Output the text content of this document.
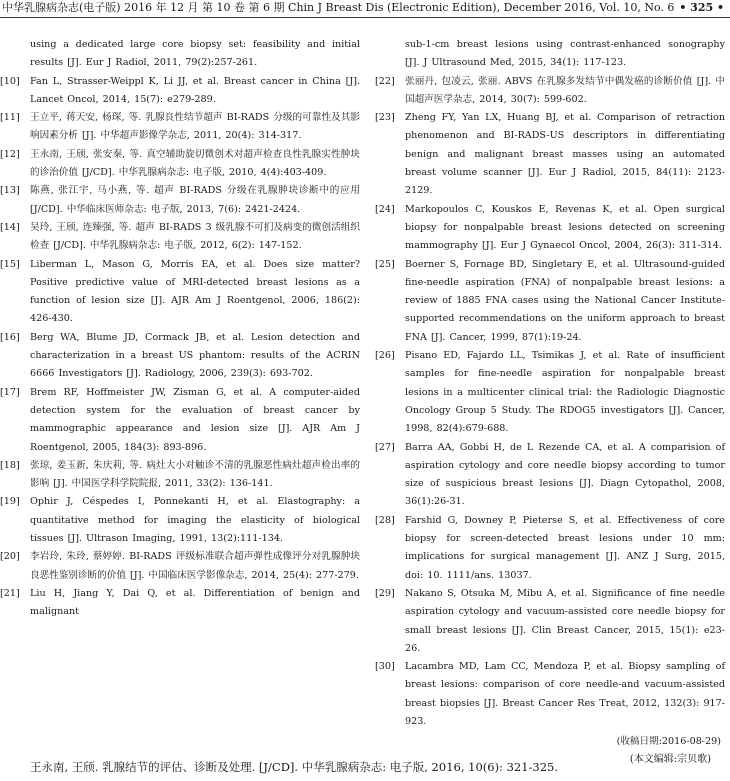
中华乳腺病杂志(电子版) 2016 年 12 月 第 10 卷 第 6 期 Chin J Breast Dis (Electronic Edition), December 2016, Vol. 10, No. 6 • 325 •
using a dedicated large core biopsy set: feasibility and initial results [J]. Eur J Radiol, 2011, 79(2):257-261.
[10] Fan L, Strasser-Weippl K, Li JJ, et al. Breast cancer in China [J]. Lancet Oncol, 2014, 15(7): e279-289.
[11] 王立平, 蒋天安, 杨琛, 等. 乳腺良性结节超声 BI-RADS 分级的可靠性及其影响因素分析 [J]. 中华超声影像学杂志, 2011, 20(4): 314-317.
[12] 王永南, 王颀, 张安秦, 等. 真空辅助旋切微创术对超声检查良性乳腺实性肿块的诊治价值 [J/CD]. 中华乳腺病杂志: 电子版, 2010, 4(4):403-409.
[13] 陈燕, 张江宇, 马小燕, 等. 超声 BI-RADS 分级在乳腺肿块诊断中的应用 [J/CD]. 中华临床医师杂志: 电子版, 2013, 7(6): 2421-2424.
[14] 吴玲, 王颀, 连臻强, 等. 超声 BI-RADS 3 级乳腺不可扪及病变的微创活组织检查 [J/CD]. 中华乳腺病杂志: 电子版, 2012, 6(2): 147-152.
[15] Liberman L, Mason G, Morris EA, et al. Does size matter? Positive predictive value of MRI-detected breast lesions as a function of lesion size [J]. AJR Am J Roentgenol, 2006, 186(2): 426-430.
[16] Berg WA, Blume JD, Cormack JB, et al. Lesion detection and characterization in a breast US phantom: results of the ACRIN 6666 Investigators [J]. Radiology, 2006, 239(3): 693-702.
[17] Brem RF, Hoffmeister JW, Zisman G, et al. A computer-aided detection system for the evaluation of breast cancer by mammographic appearance and lesion size [J]. AJR Am J Roentgenol, 2005, 184(3): 893-896.
[18] 张琼, 姜玉新, 朱庆莉, 等. 病灶大小对触诊不清的乳腺恶性病灶超声检出率的影响 [J]. 中国医学科学院院报, 2011, 33(2): 136-141.
[19] Ophir J, Céspedes I, Ponnekanti H, et al. Elastography: a quantitative method for imaging the elasticity of biological tissues [J]. Ultrason Imaging, 1991, 13(2):111-134.
[20] 李岩玲, 朱玲, 蔡婷婷. BI-RADS 评级标准联合超声弹性成像评分对乳腺肿块良恶性鉴别诊断的价值 [J]. 中国临床医学影像杂志, 2014, 25(4): 277-279.
[21] Liu H, Jiang Y, Dai Q, et al. Differentiation of benign and malignant
sub-1-cm breast lesions using contrast-enhanced sonography [J]. J Ultrasound Med, 2015, 34(1): 117-123.
[22] 张丽丹, 包凌云, 张丽. ABVS 在乳腺多发结节中偶发癌的诊断价值 [J]. 中国超声医学杂志, 2014, 30(7): 599-602.
[23] Zheng FY, Yan LX, Huang BJ, et al. Comparison of retraction phenomenon and BI-RADS-US descriptors in differentiating benign and malignant breast masses using an automated breast volume scanner [J]. Eur J Radiol, 2015, 84(11): 2123-2129.
[24] Markopoulos C, Kouskos E, Revenas K, et al. Open surgical biopsy for nonpalpable breast lesions detected on screening mammography [J]. Eur J Gynaecol Oncol, 2004, 26(3): 311-314.
[25] Boerner S, Fornage BD, Singletary E, et al. Ultrasound-guided fine-needle aspiration (FNA) of nonpalpable breast lesions: a review of 1885 FNA cases using the National Cancer Institute-supported recommendations on the uniform approach to breast FNA [J]. Cancer, 1999, 87(1):19-24.
[26] Pisano ED, Fajardo LL, Tsimikas J, et al. Rate of insufficient samples for fine-needle aspiration for nonpalpable breast lesions in a multicenter clinical trial: the Radiologic Diagnostic Oncology Group 5 Study. The RDOG5 investigators [J]. Cancer, 1998, 82(4):679-688.
[27] Barra AA, Gobbi H, de L Rezende CA, et al. A comparision of aspiration cytology and core needle biopsy according to tumor size of suspicious breast lesions [J]. Diagn Cytopathol, 2008, 36(1):26-31.
[28] Farshid G, Downey P, Pieterse S, et al. Effectiveness of core biopsy for screen-detected breast lesions under 10 mm: implications for surgical management [J]. ANZ J Surg, 2015, doi: 10. 1111/ans. 13037.
[29] Nakano S, Otsuka M, Mibu A, et al. Significance of fine needle aspiration cytology and vacuum-assisted core needle biopsy for small breast lesions [J]. Clin Breast Cancer, 2015, 15(1): e23-26.
[30] Lacambra MD, Lam CC, Mendoza P, et al. Biopsy sampling of breast lesions: comparison of core needle-and vacuum-assisted breast biopsies [J]. Breast Cancer Res Treat, 2012, 132(3): 917-923.
(收稿日期:2016-08-29)
(本文编辑:宗贝歌)
王永南, 王颀. 乳腺结节的评估、诊断及处理. [J/CD]. 中华乳腺病杂志: 电子版, 2016, 10(6): 321-325.
